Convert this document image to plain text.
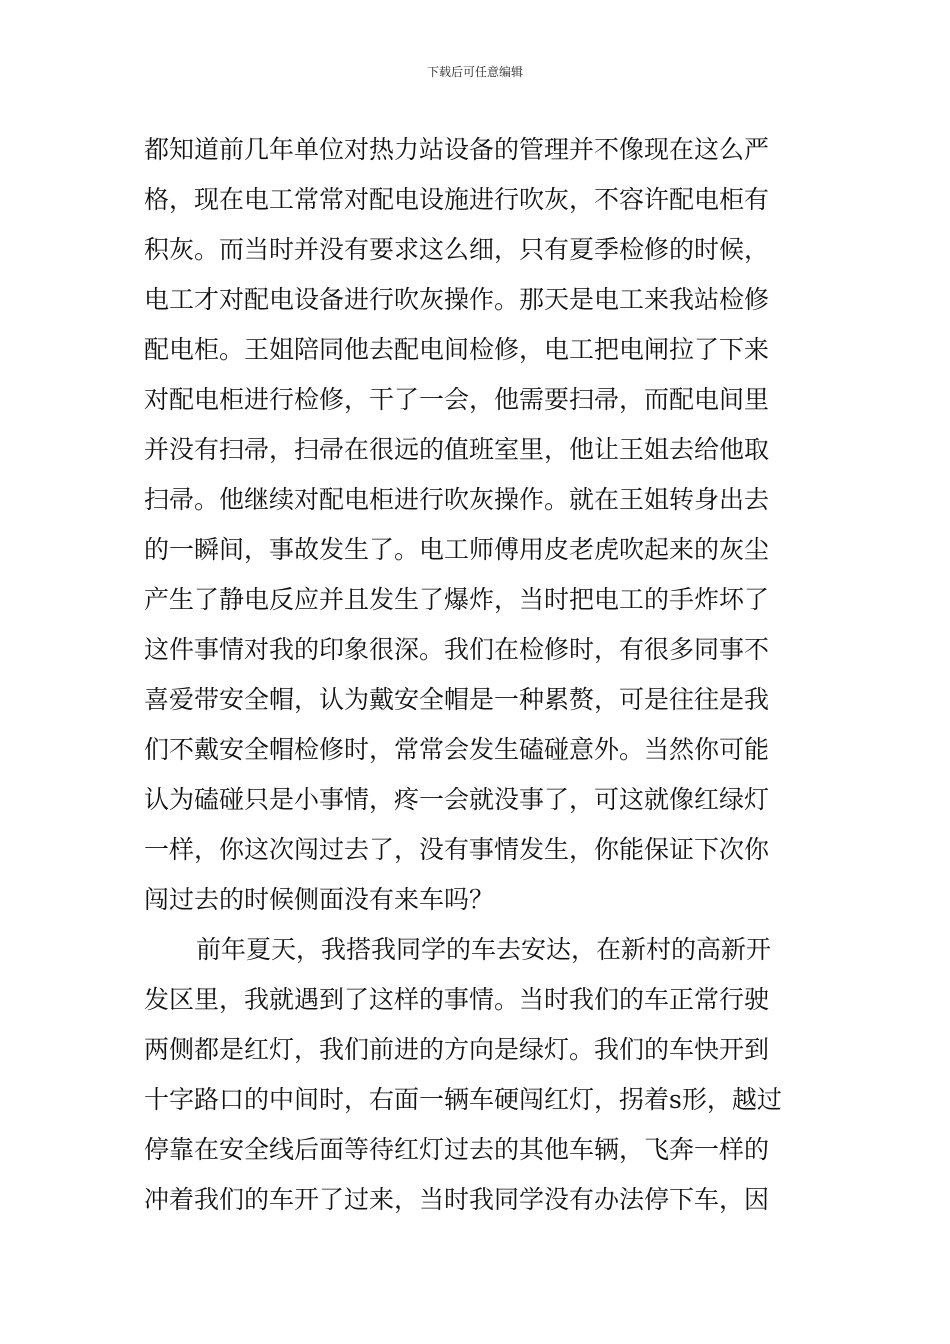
下载后可任意编辑
都知道前几年单位对热力站设备的管理并不像现在这么严
格，现在电工常常对配电设施进行吹灰，不容许配电柜有
积灰。而当时并没有要求这么细，只有夏季检修的时候，
电工才对配电设备进行吹灰操作。那天是电工来我站检修
配电柜。王姐陪同他去配电间检修，电工把电闸拉了下来
对配电柜进行检修，干了一会，他需要扫帚，而配电间里
并没有扫帚，扫帚在很远的值班室里，他让王姐去给他取
扫帚。他继续对配电柜进行吹灰操作。就在王姐转身出去
的一瞬间，事故发生了。电工师傅用皮老虎吹起来的灰尘
产生了静电反应并且发生了爆炸，当时把电工的手炸坏了
这件事情对我的印象很深。我们在检修时，有很多同事不
喜爱带安全帽，认为戴安全帽是一种累赘，可是往往是我
们不戴安全帽检修时，常常会发生磕碰意外。当然你可能
认为磕碰只是小事情，疼一会就没事了，可这就像红绿灯
一样，你这次闯过去了，没有事情发生，你能保证下次你
闯过去的时候侧面没有来车吗？
前年夏天，我搭我同学的车去安达，在新村的高新开
发区里，我就遇到了这样的事情。当时我们的车正常行驶
两侧都是红灯，我们前进的方向是绿灯。我们的车快开到
十字路口的中间时，右面一辆车硬闯红灯，拐着s形，越过
停靠在安全线后面等待红灯过去的其他车辆，飞奔一样的
冲着我们的车开了过来，当时我同学没有办法停下车，因
